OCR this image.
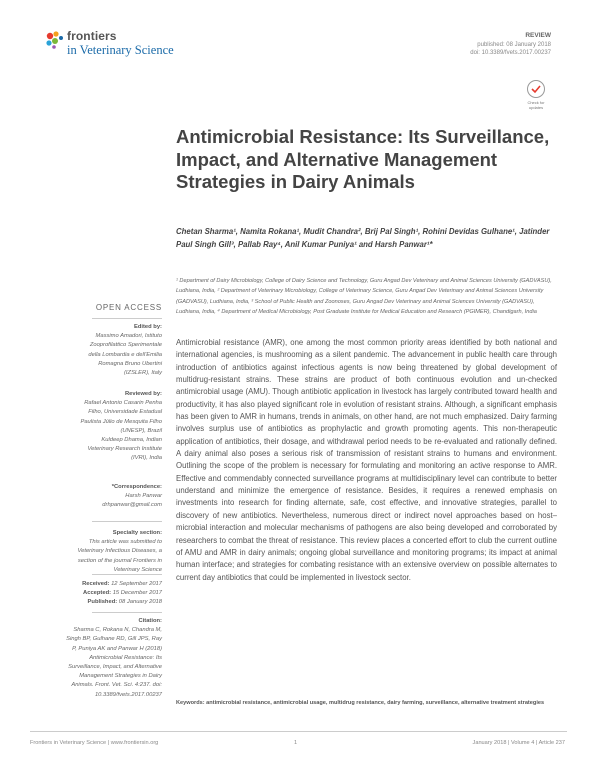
frontiers
in Veterinary Science
REVIEW
published: 08 January 2018
doi: 10.3389/fvets.2017.00237
Check for updates
Antimicrobial Resistance: Its Surveillance, Impact, and Alternative Management Strategies in Dairy Animals
Chetan Sharma¹, Namita Rokana¹, Mudit Chandra², Brij Pal Singh¹, Rohini Devidas Gulhane¹, Jatinder Paul Singh Gill³, Pallab Ray⁴, Anil Kumar Puniya¹ and Harsh Panwar¹*
¹ Department of Dairy Microbiology, College of Dairy Science and Technology, Guru Angad Dev Veterinary and Animal Sciences University (GADVASU), Ludhiana, India, ² Department of Veterinary Microbiology, College of Veterinary Science, Guru Angad Dev Veterinary and Animal Sciences University (GADVASU), Ludhiana, India, ³ School of Public Health and Zoonoses, Guru Angad Dev Veterinary and Animal Sciences University (GADVASU), Ludhiana, India, ⁴ Department of Medical Microbiology, Post Graduate Institute for Medical Education and Research (PGIMER), Chandigarh, India
OPEN ACCESS
Edited by:
Massimo Amadori, Istituto Zooprofilattico Sperimentale della Lombardia e dell'Emilia Romagna Bruno Ubertini (IZSLER), Italy
Reviewed by:
Rafael Antonio Casarin Penha Filho, Universidade Estadual Paulista Júlio de Mesquita Filho (UNESP), Brazil
Kuldeep Dhama, Indian Veterinary Research Institute (IVRI), India
*Correspondence:
Harsh Panwar
drhpanwar@gmail.com
Specialty section:
This article was submitted to Veterinary Infectious Diseases, a section of the journal Frontiers in Veterinary Science
Received: 12 September 2017
Accepted: 15 December 2017
Published: 08 January 2018
Citation:
Sharma C, Rokana N, Chandra M, Singh BP, Gulhane RD, Gill JPS, Ray P, Puniya AK and Panwar H (2018) Antimicrobial Resistance: Its Surveillance, Impact, and Alternative Management Strategies in Dairy Animals. Front. Vet. Sci. 4:237. doi: 10.3389/fvets.2017.00237
Antimicrobial resistance (AMR), one among the most common priority areas identified by both national and international agencies, is mushrooming as a silent pandemic. The advancement in public health care through introduction of antibiotics against infectious agents is now being threatened by global development of multidrug-resistant strains. These strains are product of both continuous evolution and un-checked antimicrobial usage (AMU). Though antibiotic application in livestock has largely contributed toward health and productivity, it has also played significant role in evolution of resistant strains. Although, a significant emphasis has been given to AMR in humans, trends in animals, on other hand, are not much emphasized. Dairy farming involves surplus use of antibiotics as prophylactic and growth promoting agents. This non-therapeutic application of antibiotics, their dosage, and withdrawal period needs to be re-evaluated and rationally defined. A dairy animal also poses a serious risk of transmission of resistant strains to humans and environment. Outlining the scope of the problem is necessary for formulating and monitoring an active response to AMR. Effective and commendably connected surveillance programs at multidisciplinary level can contribute to better understand and minimize the emergence of resistance. Besides, it requires a renewed emphasis on investments into research for finding alternate, safe, cost effective, and innovative strategies, parallel to discovery of new antibiotics. Nevertheless, numerous direct or indirect novel approaches based on host–microbial interaction and molecular mechanisms of pathogens are also being developed and corroborated by researchers to combat the threat of resistance. This review places a concerted effort to club the current outline of AMU and AMR in dairy animals; ongoing global surveillance and monitoring programs; its impact at animal human interface; and strategies for combating resistance with an extensive overview on possible alternates to current day antibiotics that could be implemented in livestock sector.
Keywords: antimicrobial resistance, antimicrobial usage, multidrug resistance, dairy farming, surveillance, alternative treatment strategies
Frontiers in Veterinary Science | www.frontiersin.org	1	January 2018 | Volume 4 | Article 237
